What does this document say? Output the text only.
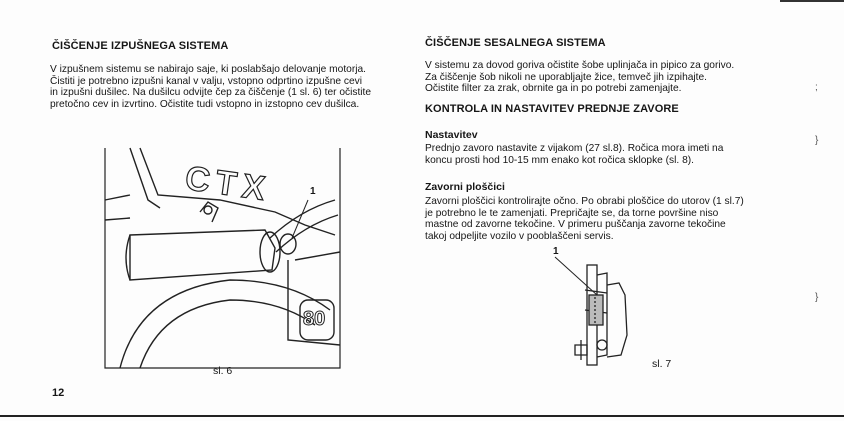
ČIŠČENJE IZPUŠNEGA SISTEMA
V izpušnem sistemu se nabirajo saje, ki poslabšajo delovanje motorja.
Čistiti je potrebno izpušni kanal v valju, vstopno odprtino izpušne cevi
in izpušni dušilec. Na dušilcu odvijte čep za čiščenje (1 sl. 6) ter očistite
pretočno cev in izvrtino. Očistite tudi vstopno in izstopno cev dušilca.
CTX
80
1
sl. 6
12
ČIŠČENJE SESALNEGA SISTEMA
V sistemu za dovod goriva očistite šobe uplinjača in pipico za gorivo.
Za čiščenje šob nikoli ne uporabljajte žice, temveč jih izpihajte.
Očistite filter za zrak, obrnite ga in po potrebi zamenjajte.
KONTROLA IN NASTAVITEV PREDNJE ZAVORE
Nastavitev
Prednjo zavoro nastavite z vijakom (27 sl.8). Ročica mora imeti na
koncu prosti hod 10-15 mm enako kot ročica sklopke (sl. 8).
Zavorni ploščici
Zavorni ploščici kontrolirajte očno. Po obrabi ploščice do utorov (1 sl.7)
je potrebno le te zamenjati. Prepričajte se, da torne površine niso
mastne od zavorne tekočine. V primeru puščanja zavorne tekočine
takoj odpeljite vozilo v pooblaščeni servis.
1
sl. 7
;
}
}
